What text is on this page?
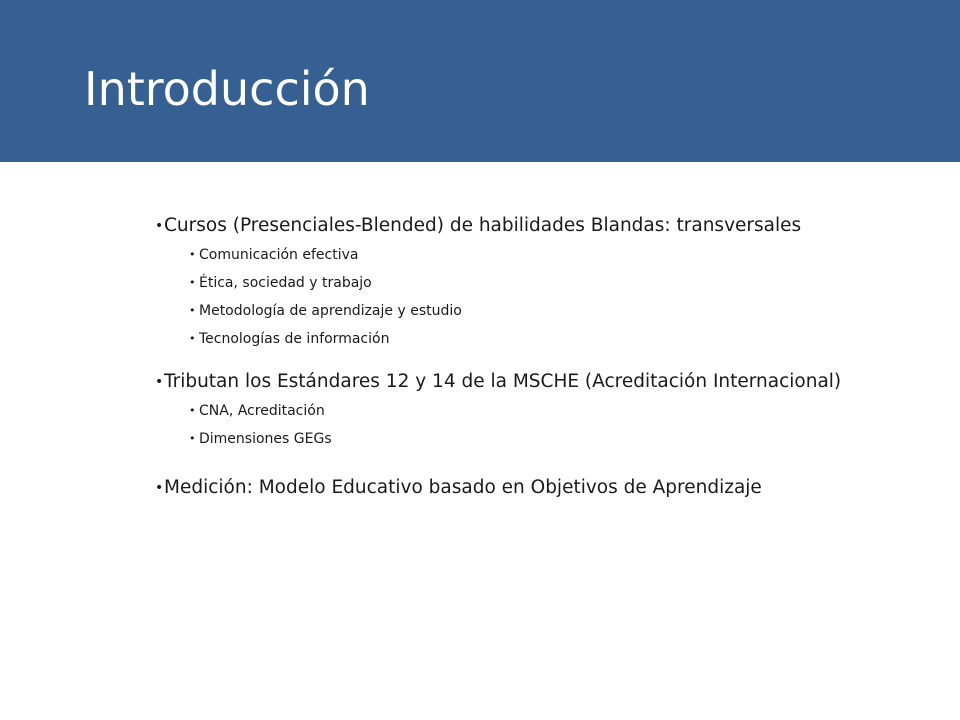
Introducción
• Cursos (Presenciales-Blended) de habilidades Blandas: transversales
• Comunicación efectiva
• Ética, sociedad y trabajo
• Metodología de aprendizaje y estudio
• Tecnologías de información
• Tributan los Estándares 12 y 14 de la MSCHE (Acreditación Internacional)
• CNA, Acreditación
• Dimensiones GEGs
• Medición: Modelo Educativo basado en Objetivos de Aprendizaje
